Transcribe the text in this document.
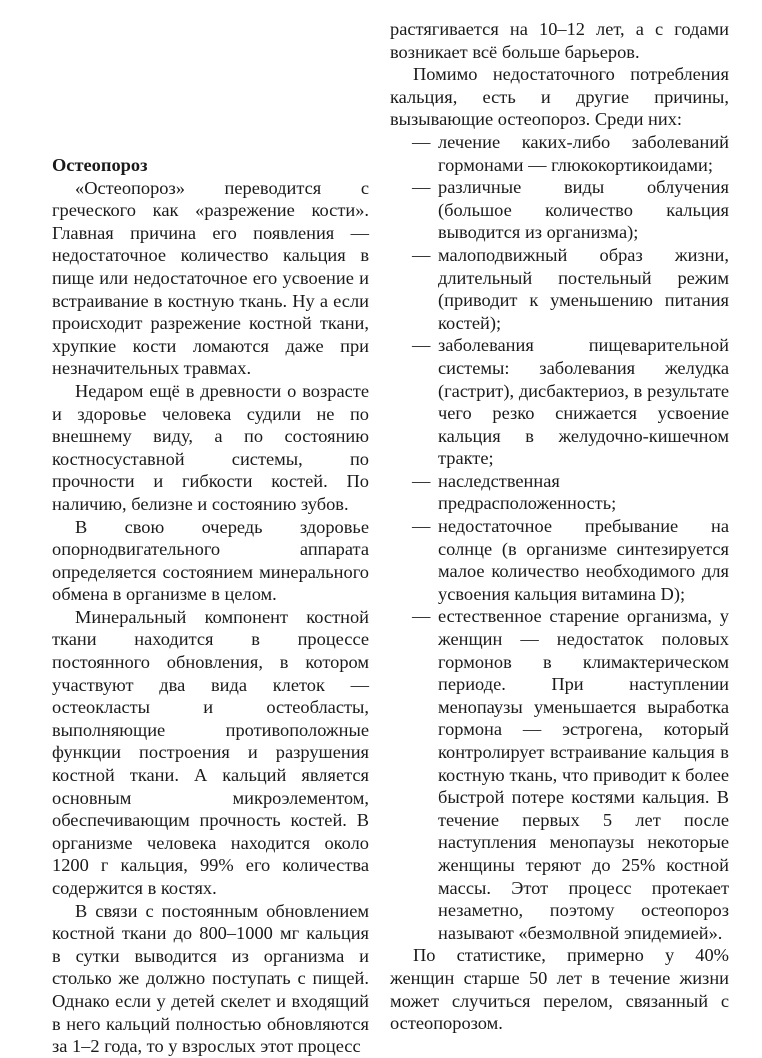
Остеопороз

«Остеопороз» переводится с греческого как «разрежение кости». Главная причина его появления — недостаточное количество кальция в пище или недостаточное его усвоение и встраивание в костную ткань. Ну а если происходит разрежение костной ткани, хрупкие кости ломаются даже при незначительных травмах.

Недаром ещё в древности о возрасте и здоровье человека судили не по внешнему виду, а по состоянию костносуставной системы, по прочности и гибкости костей. По наличию, белизне и состоянию зубов.

В свою очередь здоровье опорнодвигательного аппарата определяется состоянием минерального обмена в организме в целом.

Минеральный компонент костной ткани находится в процессе постоянного обновления, в котором участвуют два вида клеток — остеокласты и остеобласты, выполняющие противоположные функции построения и разрушения костной ткани. А кальций является основным микроэлементом, обеспечивающим прочность костей. В организме человека находится около 1200 г кальция, 99% его количества содержится в костях.

В связи с постоянным обновлением костной ткани до 800–1000 мг кальция в сутки выводится из организма и столько же должно поступать с пищей. Однако если у детей скелет и входящий в него кальций полностью обновляются за 1–2 года, то у взрослых этот процесс

растягивается на 10–12 лет, а с годами возникает всё больше барьеров.

Помимо недостаточного потребления кальция, есть и другие причины, вызывающие остеопороз. Среди них:

— лечение каких-либо заболеваний гормонами — глюкокортикоидами;
— различные виды облучения (большое количество кальция выводится из организма);
— малоподвижный образ жизни, длительный постельный режим (приводит к уменьшению питания костей);
— заболевания пищеварительной системы: заболевания желудка (гастрит), дисбактериоз, в результате чего резко снижается усвоение кальция в желудочно-кишечном тракте;
— наследственная предрасположенность;
— недостаточное пребывание на солнце (в организме синтезируется малое количество необходимого для усвоения кальция витамина D);
— естественное старение организма, у женщин — недостаток половых гормонов в климактерическом периоде. При наступлении менопаузы уменьшается выработка гормона — эстрогена, который контролирует встраивание кальция в костную ткань, что приводит к более быстрой потере костями кальция. В течение первых 5 лет после наступления менопаузы некоторые женщины теряют до 25% костной массы. Этот процесс протекает незаметно, поэтому остеопороз называют «безмолвной эпидемией».

По статистике, примерно у 40% женщин старше 50 лет в течение жизни может случиться перелом, связанный с остеопорозом.
